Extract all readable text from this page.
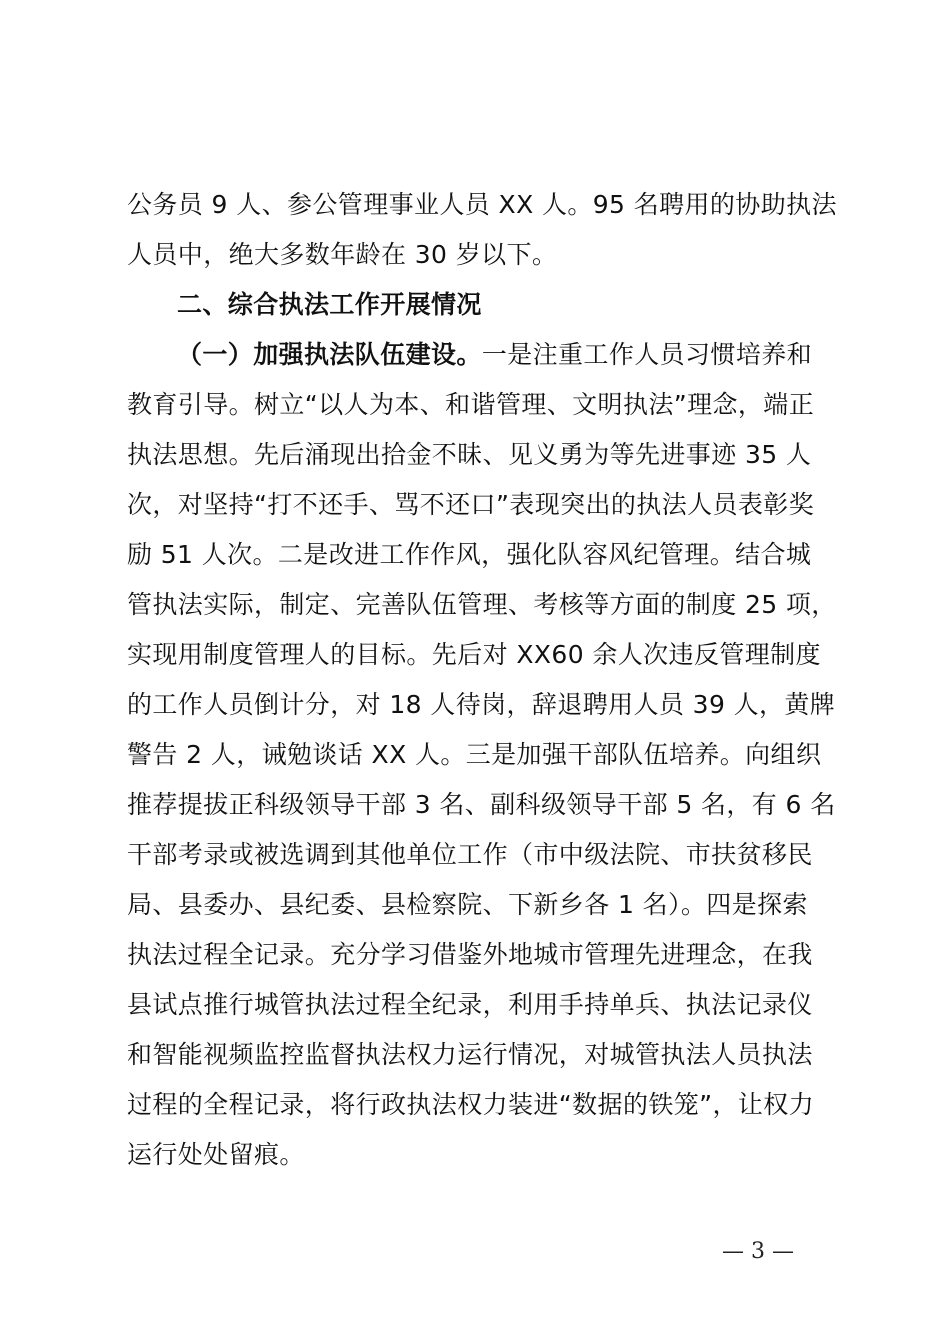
公务员 9 人、参公管理事业人员 XX 人。95 名聘用的协助执法
人员中，绝大多数年龄在 30 岁以下。
二、综合执法工作开展情况
（一）加强执法队伍建设。一是注重工作人员习惯培养和
教育引导。树立“以人为本、和谐管理、文明执法”理念，端正
执法思想。先后涌现出拾金不昧、见义勇为等先进事迹 35 人
次，对坚持“打不还手、骂不还口”表现突出的执法人员表彰奖
励 51 人次。二是改进工作作风，强化队容风纪管理。结合城
管执法实际，制定、完善队伍管理、考核等方面的制度 25 项，
实现用制度管理人的目标。先后对 XX60 余人次违反管理制度
的工作人员倒计分，对 18 人待岗，辞退聘用人员 39 人，黄牌
警告 2 人，诫勉谈话 XX 人。三是加强干部队伍培养。向组织
推荐提拔正科级领导干部 3 名、副科级领导干部 5 名，有 6 名
干部考录或被选调到其他单位工作（市中级法院、市扶贫移民
局、县委办、县纪委、县检察院、下新乡各 1 名）。四是探索
执法过程全记录。充分学习借鉴外地城市管理先进理念，在我
县试点推行城管执法过程全纪录，利用手持单兵、执法记录仪
和智能视频监控监督执法权力运行情况，对城管执法人员执法
过程的全程记录，将行政执法权力装进“数据的铁笼”，让权力
运行处处留痕。
— 3 —
